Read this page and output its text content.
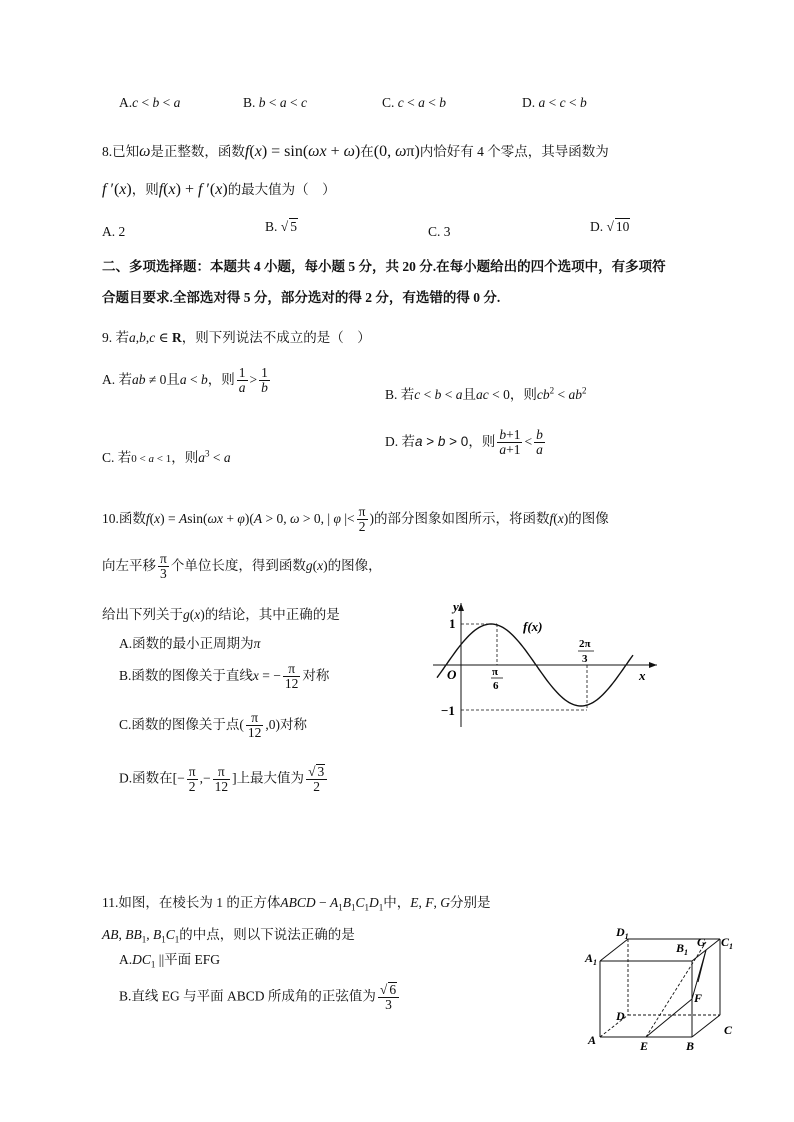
A.c < b < a	B. b < a < c	C. c < a < b	D. a < c < b
8.已知ω是正整数，函数f(x) = sin(ωx + ω)在(0, ωπ)内恰好有 4 个零点，其导函数为
f ′(x)，则f(x) + f ′(x)的最大值为（　）
A. 2	B. √ 5	C. 3	D. √ 10
二、多项选择题：本题共 4 小题，每小题 5 分，共 20 分.在每小题给出的四个选项中，有多项符
合题目要求.全部选对得 5 分，部分选对的得 2 分，有选错的得 0 分.
9. 若a,b,c ∈ R，则下列说法不成立的是（　）
A. 若ab ≠ 0且a < b，则 $\frac{1}{a} > \frac{1}{b}$	B. 若c < b < a且ac < 0，则$cb^2 < ab^2$
C. 若0 < a < 1，则$a^3 < a$
D. 若a > b > 0，则 $\frac{b+1}{a+1} < \frac{b}{a}$
10.函数f(x) = Asin(ωx + φ)(A > 0, ω > 0, | φ |< $\frac{\pi}{2}$ )的部分图象如图所示，将函数f(x)的图像
向左平移 $\frac{\pi}{3}$ 个单位长度，得到函数g(x)的图像，
给出下列关于g(x)的结论，其中正确的是
A.函数的最小正周期为π
B.函数的图像关于直线x = − $\frac{\pi}{12}$ 对称
C.函数的图像关于点( $\frac{\pi}{12} ,0$)对称
D.函数在[− $\frac{\pi}{2}$ ,− $\frac{\pi}{12}$ ]上最大值为 $\frac{√ 3}{2}$
y
x
O
1
−1
f(x)
π
6
2π
3
11.如图，在棱长为 1 的正方体ABCD − $A_1B_1C_1D_1$中，E, F, G分别是
AB, $BB_1$, $B_1C_1$的中点，则以下说法正确的是
$A.DC_1$ ||平面 EFG
B.直线 EG 与平面 ABCD 所成角的正弦值为 $\frac{√ 6}{3}$
$D_1$
$A_1$
$B_1$
G $C_1$
F
D
C
A	E	B
